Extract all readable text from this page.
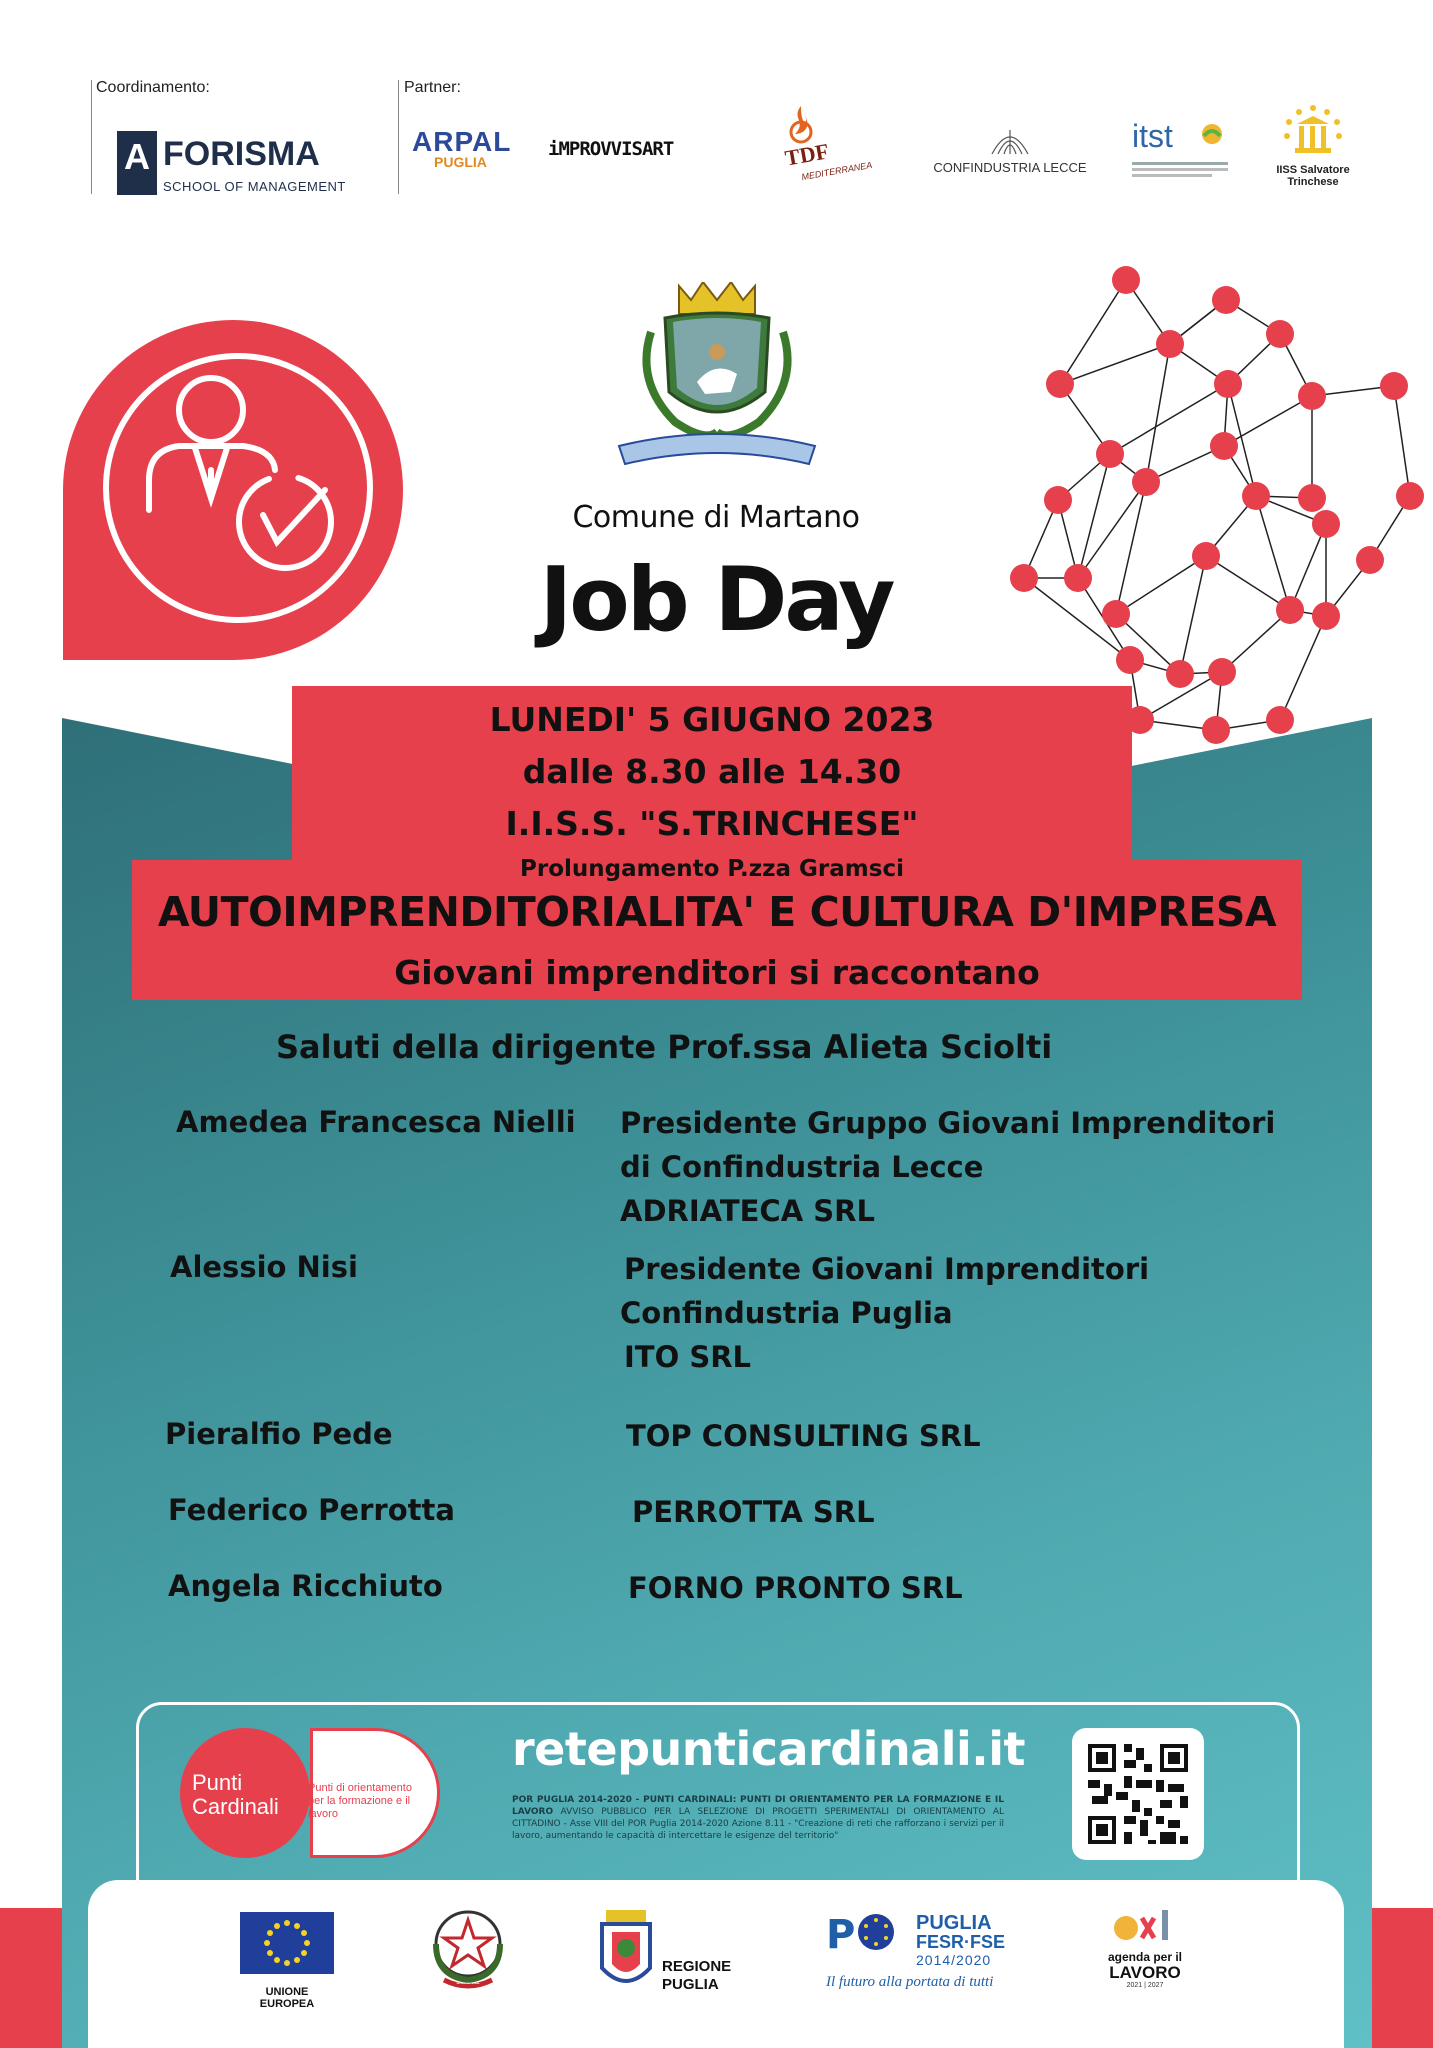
Coordinamento:	Partner:
A FORISMA
SCHOOL OF MANAGEMENT
ARPAL
PUGLIA
iMPROVVISART	TDF
MEDITERRANEA	CONFINDUSTRIA LECCE
itst
IISS Salvatore
Trinchese
Comune di Martano
Job Day
LUNEDI' 5 GIUGNO 2023
dalle 8.30 alle 14.30
I.I.S.S. "S.TRINCHESE"
Prolungamento P.zza Gramsci
AUTOIMPRENDITORIALITA' E CULTURA D'IMPRESA
Giovani imprenditori si raccontano
Saluti della dirigente Prof.ssa Alieta Sciolti
Amedea Francesca Nielli Presidente Gruppo Giovani Imprenditori
di Confindustria Lecce
ADRIATECA SRL
Alessio Nisi	Presidente Giovani Imprenditori
Confindustria Puglia
ITO SRL
Pieralfio Pede	TOP CONSULTING SRL
Federico Perrotta	PERROTTA SRL
Angela Ricchiuto	FORNO PRONTO SRL
Punti
Cardinali
Punti di orientamento per la formazione e il lavoro
retepunticardinali.it
POR PUGLIA 2014-2020 - PUNTI CARDINALI: PUNTI DI ORIENTAMENTO PER LA FORMAZIONE E IL LAVORO AVVISO PUBBLICO PER LA SELEZIONE DI PROGETTI SPERIMENTALI DI ORIENTAMENTO AL CITTADINO - Asse VIII del POR Puglia 2014-2020 Azione 8.11 - "Creazione di reti che rafforzano i servizi per il lavoro, aumentando le capacità di intercettare le esigenze del territorio"
UNIONE EUROPEA
REPUBBLICA ITALIANA
REGIONE
PUGLIA
P	PUGLIA
FESR·FSE
2014/2020
Il futuro alla portata di tutti
agenda per il
LAVORO
2021 | 2027
